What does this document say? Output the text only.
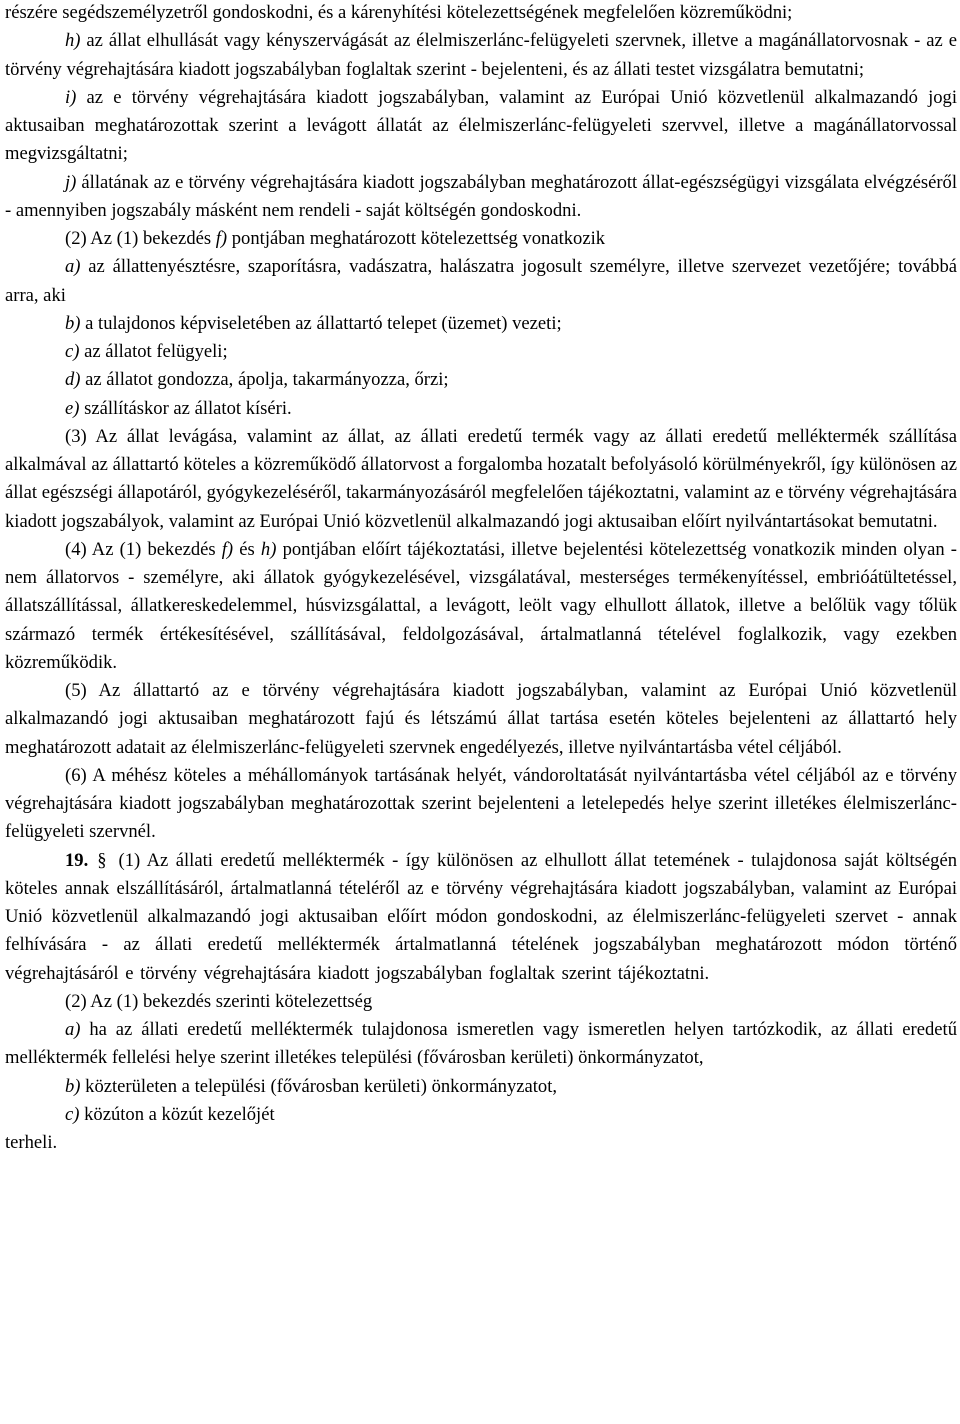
részére segédszemélyzetről gondoskodni, és a kárenyhítési kötelezettségének megfelelően közreműködni;

h) az állat elhullását vagy kényszervágását az élelmiszerlánc-felügyeleti szervnek, illetve a magánállatorvosnak - az e törvény végrehajtására kiadott jogszabályban foglaltak szerint - bejelenteni, és az állati testet vizsgálatra bemutatni;

i) az e törvény végrehajtására kiadott jogszabályban, valamint az Európai Unió közvetlenül alkalmazandó jogi aktusaiban meghatározottak szerint a levágott állatát az élelmiszerlánc-felügyeleti szervvel, illetve a magánállatorvossal megvizsgáltatni;

j) állatának az e törvény végrehajtására kiadott jogszabályban meghatározott állat-egészségügyi vizsgálata elvégzéséről - amennyiben jogszabály másként nem rendeli - saját költségén gondoskodni.

(2) Az (1) bekezdés f) pontjában meghatározott kötelezettség vonatkozik

a) az állattenyésztésre, szaporításra, vadászatra, halászatra jogosult személyre, illetve szervezet vezetőjére; továbbá arra, aki

b) a tulajdonos képviseletében az állattartó telepet (üzemet) vezeti;

c) az állatot felügyeli;

d) az állatot gondozza, ápolja, takarmányozza, őrzi;

e) szállításkor az állatot kíséri.

(3) Az állat levágása, valamint az állat, az állati eredetű termék vagy az állati eredetű melléktermék szállítása alkalmával az állattartó köteles a közreműködő állatorvost a forgalomba hozatalt befolyásoló körülményekről, így különösen az állat egészségi állapotáról, gyógykezeléséről, takarmányozásáról megfelelően tájékoztatni, valamint az e törvény végrehajtására kiadott jogszabályok, valamint az Európai Unió közvetlenül alkalmazandó jogi aktusaiban előírt nyilvántartásokat bemutatni.

(4) Az (1) bekezdés f) és h) pontjában előírt tájékoztatási, illetve bejelentési kötelezettség vonatkozik minden olyan - nem állatorvos - személyre, aki állatok gyógykezelésével, vizsgálatával, mesterséges termékenyítéssel, embrióátültetéssel, állatszállítással, állatkereskedelemmel, húsvizsgálattal, a levágott, leölt vagy elhullott állatok, illetve a belőlük vagy tőlük származó termék értékesítésével, szállításával, feldolgozásával, ártalmatlanná tételével foglalkozik, vagy ezekben közreműködik.

(5) Az állattartó az e törvény végrehajtására kiadott jogszabályban, valamint az Európai Unió közvetlenül alkalmazandó jogi aktusaiban meghatározott fajú és létszámú állat tartása esetén köteles bejelenteni az állattartó hely meghatározott adatait az élelmiszerlánc-felügyeleti szervnek engedélyezés, illetve nyilvántartásba vétel céljából.

(6) A méhész köteles a méhállományok tartásának helyét, vándoroltatását nyilvántartásba vétel céljából az e törvény végrehajtására kiadott jogszabályban meghatározottak szerint bejelenteni a letelepedés helye szerint illetékes élelmiszerlánc-felügyeleti szervnél.

19. § (1) Az állati eredetű melléktermék - így különösen az elhullott állat tetemének - tulajdonosa saját költségén köteles annak elszállításáról, ártalmatlanná tételéről az e törvény végrehajtására kiadott jogszabályban, valamint az Európai Unió közvetlenül alkalmazandó jogi aktusaiban előírt módon gondoskodni, az élelmiszerlánc-felügyeleti szervet - annak felhívására - az állati eredetű melléktermék ártalmatlanná tételének jogszabályban meghatározott módon történő végrehajtásáról e törvény végrehajtására kiadott jogszabályban foglaltak szerint tájékoztatni.

(2) Az (1) bekezdés szerinti kötelezettség

a) ha az állati eredetű melléktermék tulajdonosa ismeretlen vagy ismeretlen helyen tartózkodik, az állati eredetű melléktermék fellelési helye szerint illetékes települési (fővárosban kerületi) önkormányzatot,

b) közterületen a települési (fővárosban kerületi) önkormányzatot,

c) közúton a közút kezelőjét

terheli.
